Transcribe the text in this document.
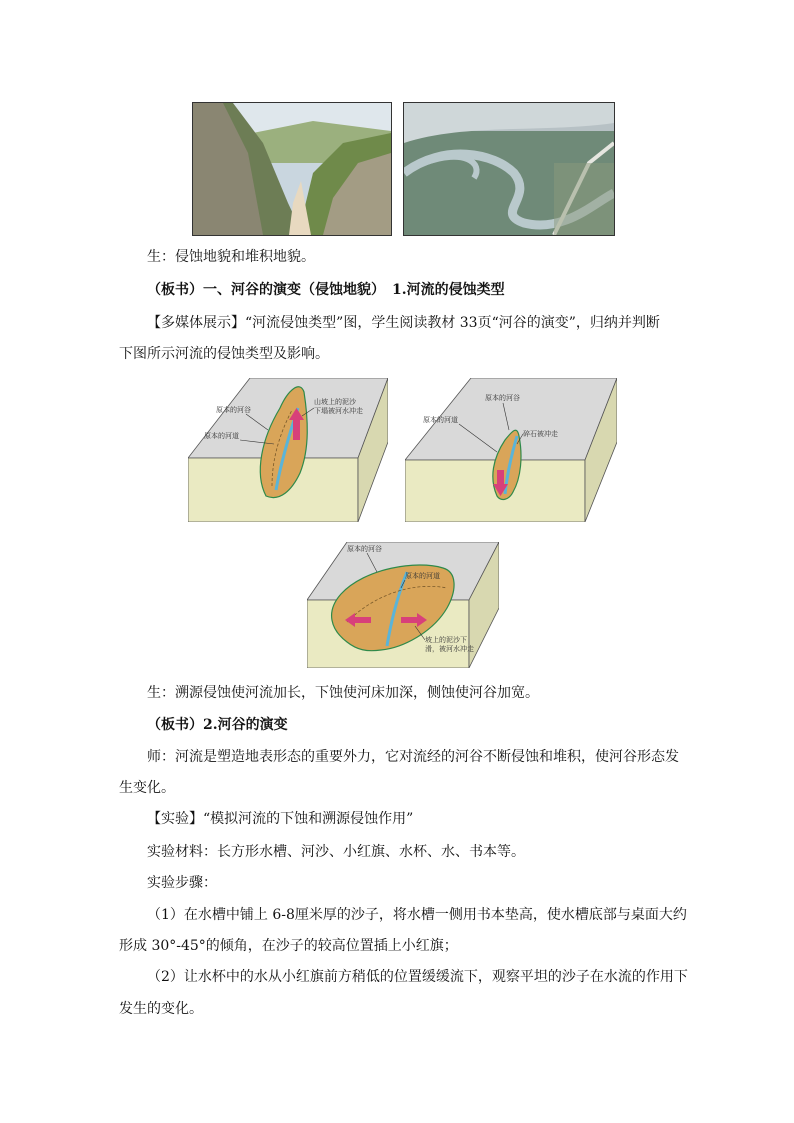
生：侵蚀地貌和堆积地貌。
（板书）一、河谷的演变（侵蚀地貌）　1.河流的侵蚀类型
【多媒体展示】“河流侵蚀类型”图，学生阅读教材 33页“河谷的演变”，归纳并判断
下图所示河流的侵蚀类型及影响。
原本的河谷
原本的河道
山坡上的泥沙
下塌被河水冲走
原本的河谷
原本的河道
碎石被冲走
原本的河谷
原本的河道
坡上的泥沙下
滑，被河水冲走
生：溯源侵蚀使河流加长，下蚀使河床加深，侧蚀使河谷加宽。
（板书）2.河谷的演变
师：河流是塑造地表形态的重要外力，它对流经的河谷不断侵蚀和堆积，使河谷形态发
生变化。
【实验】“模拟河流的下蚀和溯源侵蚀作用”
实验材料：长方形水槽、河沙、小红旗、水杯、水、书本等。
实验步骤：
（1）在水槽中铺上 6-8厘米厚的沙子，将水槽一侧用书本垫高，使水槽底部与桌面大约
形成 30°-45°的倾角，在沙子的较高位置插上小红旗；
（2）让水杯中的水从小红旗前方稍低的位置缓缓流下，观察平坦的沙子在水流的作用下
发生的变化。
